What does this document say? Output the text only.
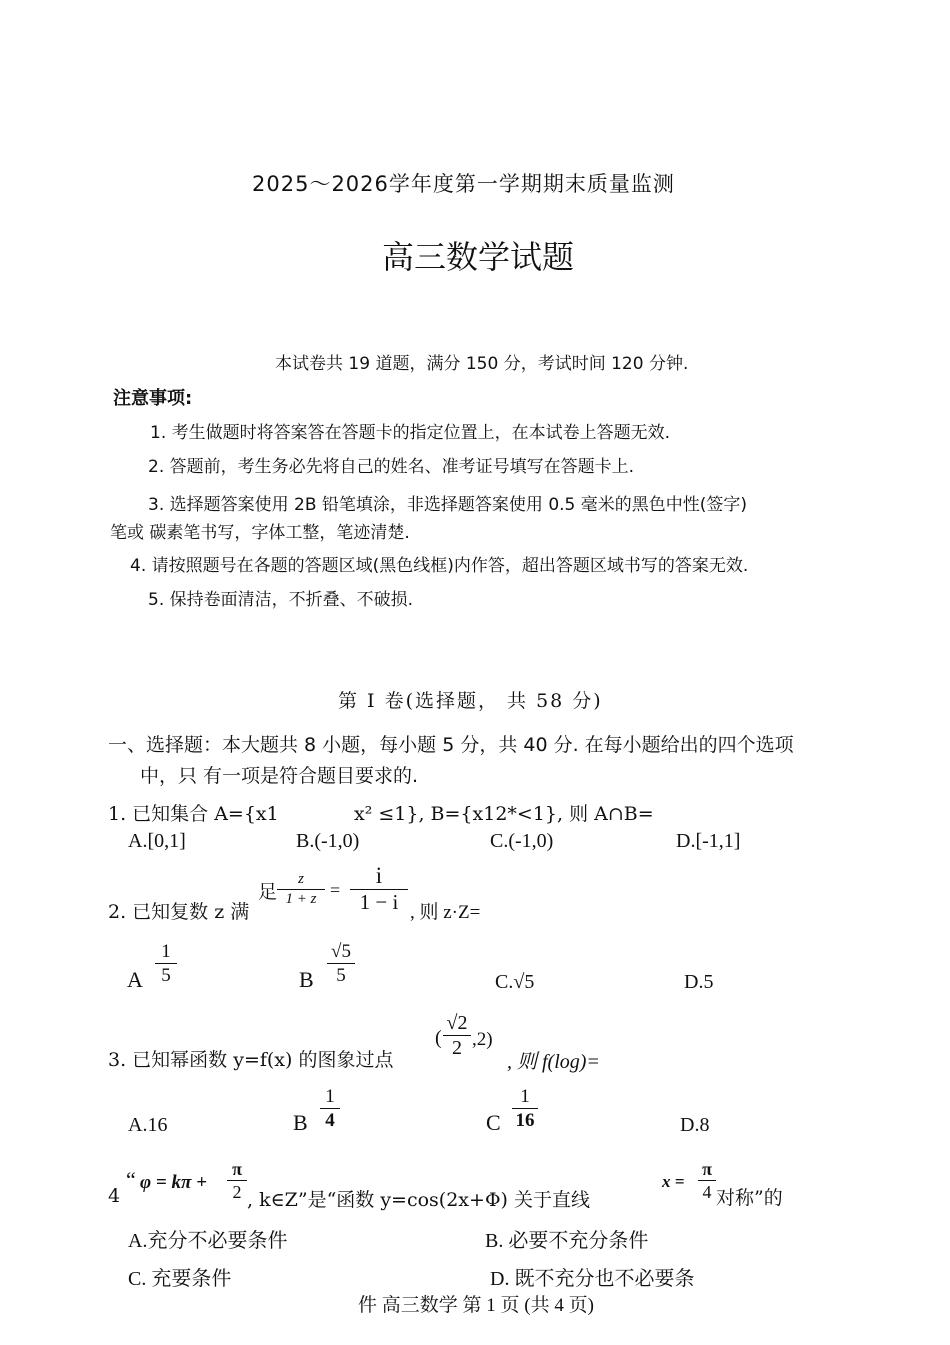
2025～2026学年度第一学期期末质量监测
高三数学试题
本试卷共 19 道题，满分 150 分，考试时间 120 分钟.
注意事项:
1. 考生做题时将答案答在答题卡的指定位置上，在本试卷上答题无效.
2. 答题前，考生务必先将自己的姓名、准考证号填写在答题卡上.
3. 选择题答案使用 2B 铅笔填涂，非选择题答案使用 0.5 毫米的黑色中性(签字)
笔或 碳素笔书写，字体工整，笔迹清楚.
4. 请按照题号在各题的答题区域(黑色线框)内作答，超出答题区域书写的答案无效.
5. 保持卷面清洁，不折叠、不破损.
第 I 卷(选择题， 共 58 分)
一、选择题：本大题共 8 小题，每小题 5 分，共 40 分. 在每小题给出的四个选项
中，只 有一项是符合题目要求的.
1. 已知集合 A={x1	x² ≤1}, B={x12*<1}, 则 A∩B=
A.[0,1]	B.(-1,0)	C.(-1,0)	D.[-1,1]
2. 已知复数 z 满
足
z
1 + z =
i
1 − i , 则 z·Z=
A
1
5	B
√5
5	C.√5	D.5
3. 已知幂函数 y=f(x) 的图象过点
(
√2
2 ,2)
, 则 f(log)=
A.16	B
1
4	C
1
16	D.8
4
“ φ = kπ +
π
2 , k∈Z”是“函数 y=cos(2x+Φ) 关于直线
x =
π
4 对称”的
A.充分不必要条件	B. 必要不充分条件
C. 充要条件	D. 既不充分也不必要条
件 高三数学 第 1 页 (共 4 页)
